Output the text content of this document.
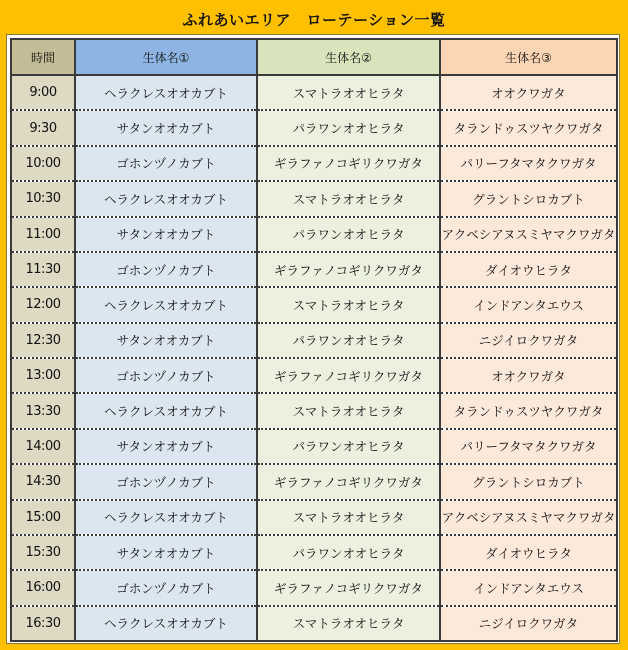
ふれあいエリア　ローテーション一覧
時間	生体名①	生体名②	生体名③
9:00	ヘラクレスオオカブト	スマトラオオヒラタ	オオクワガタ
9:30	サタンオオカブト	パラワンオオヒラタ	タランドゥスツヤクワガタ
10:00	ゴホンヅノカブト	ギラファノコギリクワガタ	パリーフタマタクワガタ
10:30	ヘラクレスオオカブト	スマトラオオヒラタ	グラントシロカブト
11:00	サタンオオカブト	パラワンオオヒラタ	アクベシアヌスミヤマクワガタ
11:30	ゴホンヅノカブト	ギラファノコギリクワガタ	ダイオウヒラタ
12:00	ヘラクレスオオカブト	スマトラオオヒラタ	インドアンタエウス
12:30	サタンオオカブト	パラワンオオヒラタ	ニジイロクワガタ
13:00	ゴホンヅノカブト	ギラファノコギリクワガタ	オオクワガタ
13:30	ヘラクレスオオカブト	スマトラオオヒラタ	タランドゥスツヤクワガタ
14:00	サタンオオカブト	パラワンオオヒラタ	パリーフタマタクワガタ
14:30	ゴホンヅノカブト	ギラファノコギリクワガタ	グラントシロカブト
15:00	ヘラクレスオオカブト	スマトラオオヒラタ	アクベシアヌスミヤマクワガタ
15:30	サタンオオカブト	パラワンオオヒラタ	ダイオウヒラタ
16:00	ゴホンヅノカブト	ギラファノコギリクワガタ	インドアンタエウス
16:30	ヘラクレスオオカブト	スマトラオオヒラタ	ニジイロクワガタ
